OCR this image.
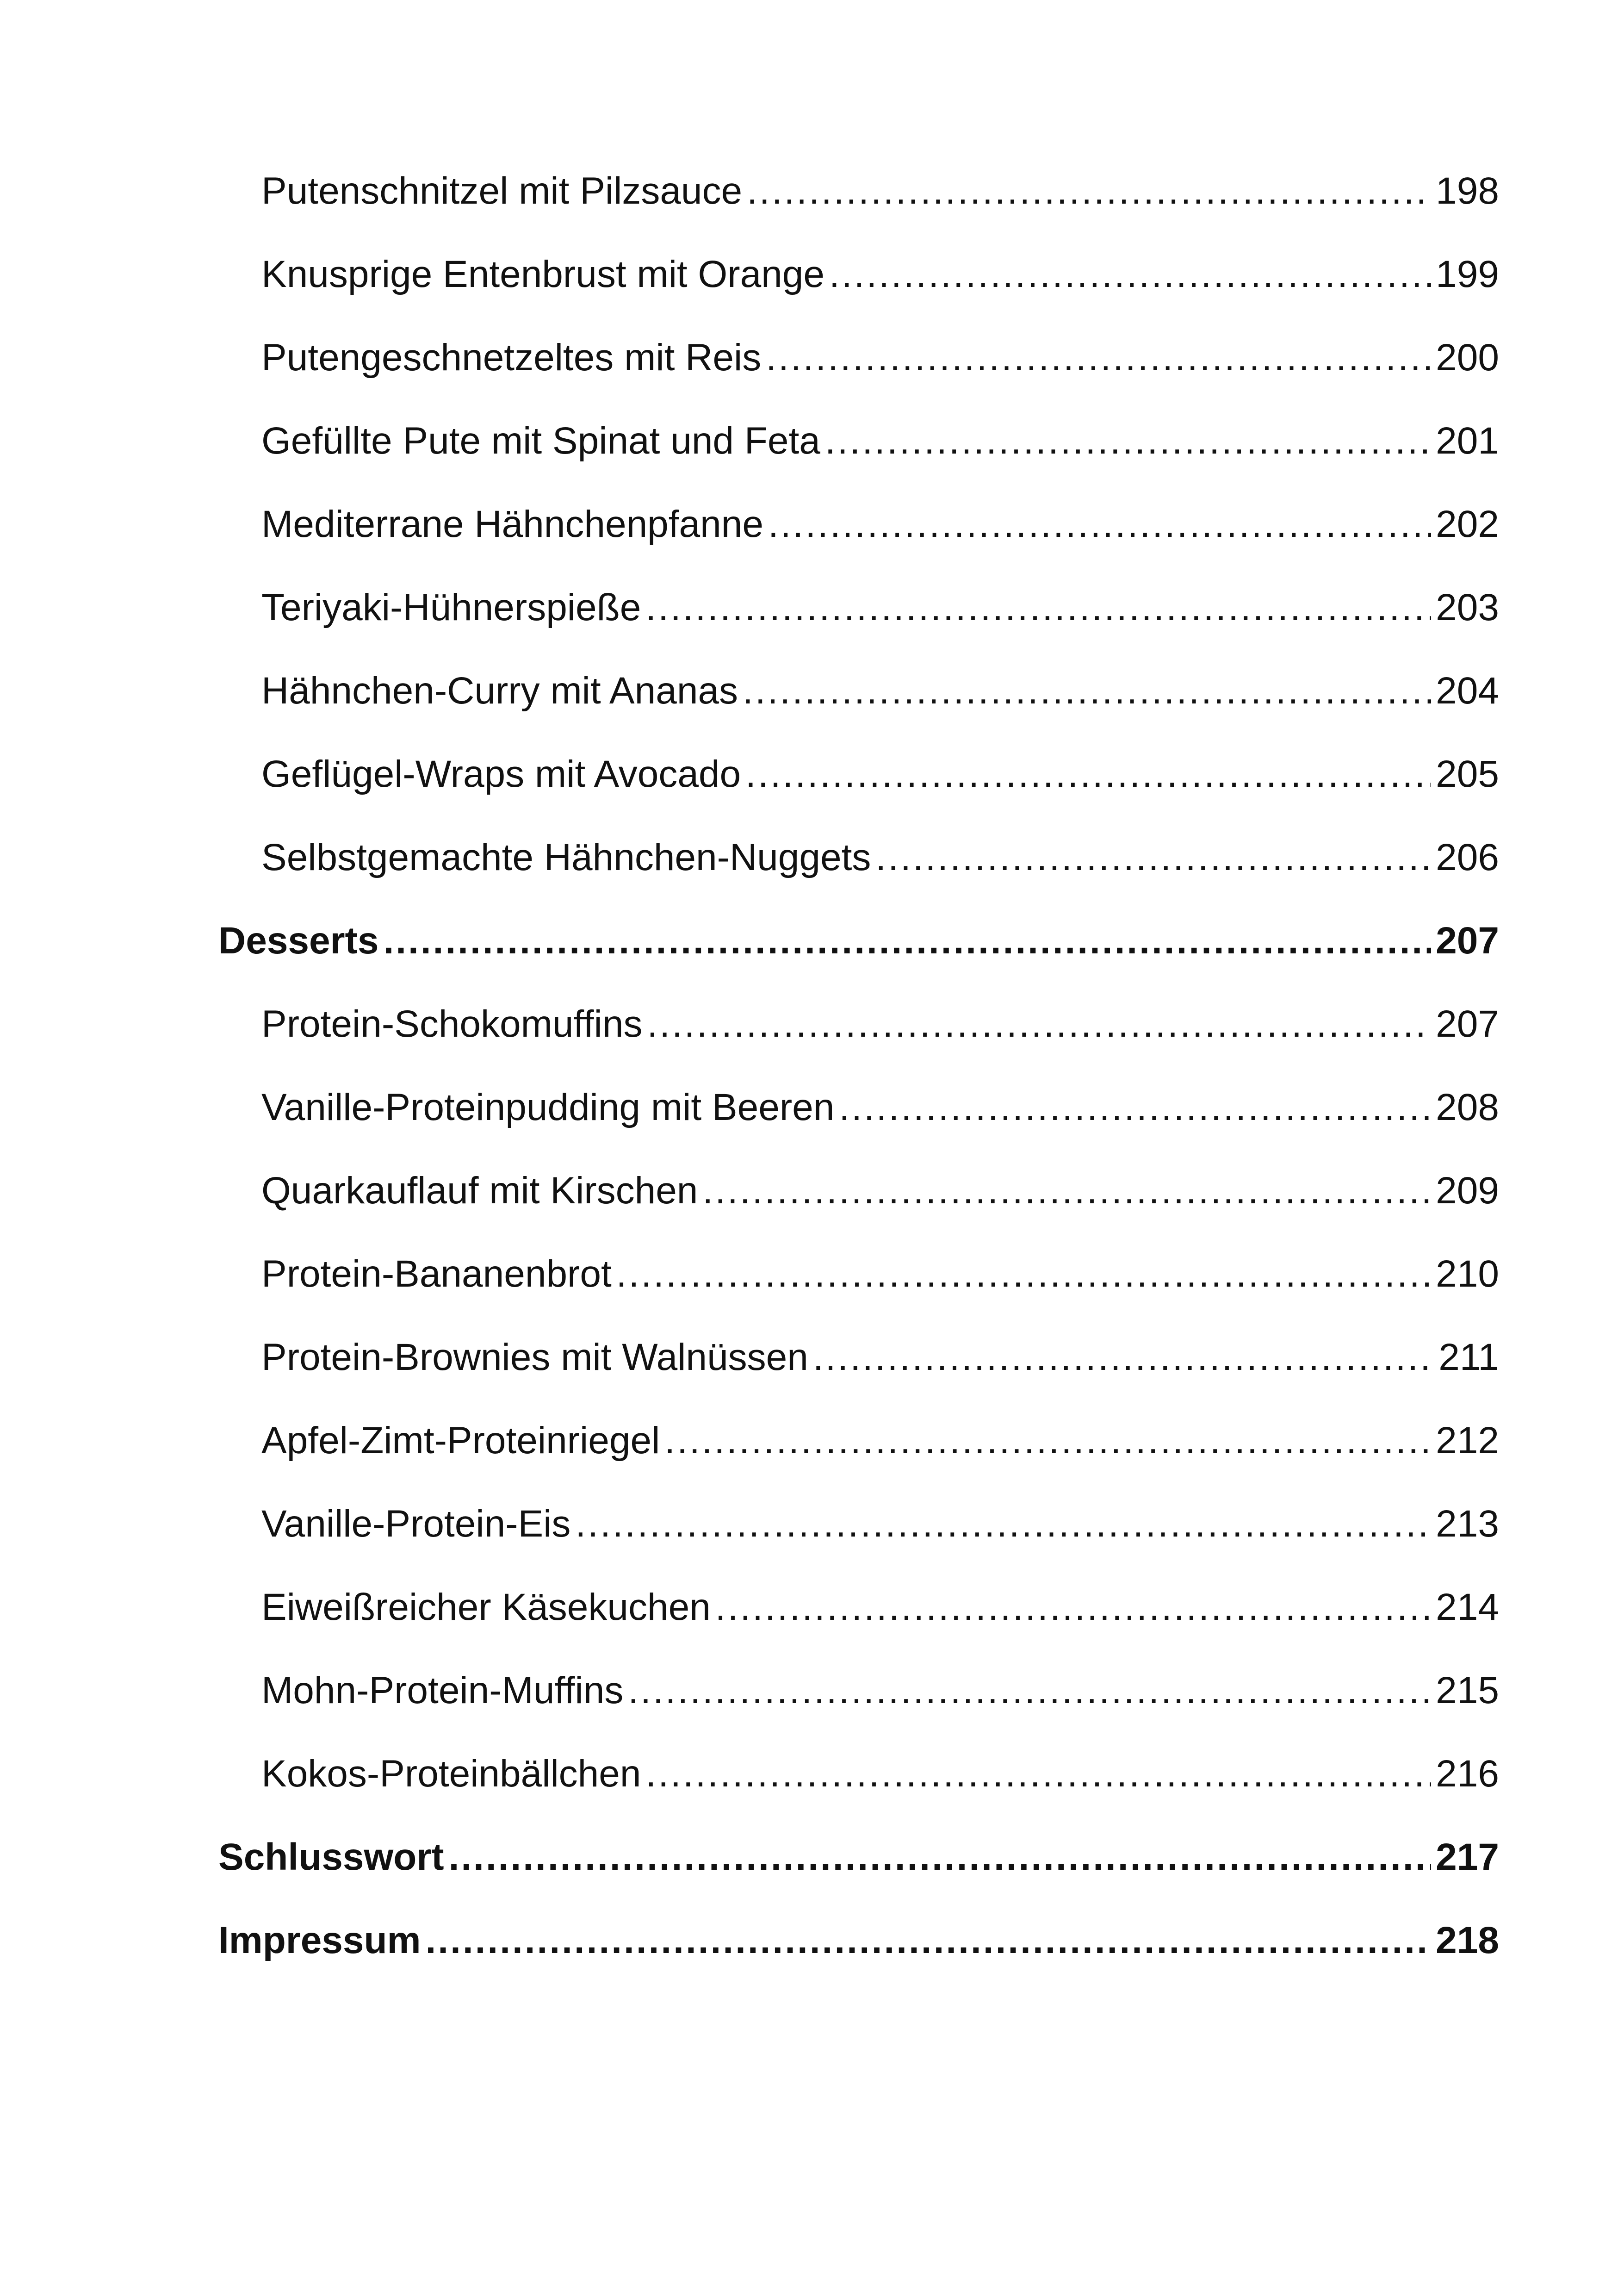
Putenschnitzel mit Pilzsauce .....	198
Knusprige Entenbrust mit Orange .....	199
Putengeschnetzeltes mit Reis .....	200
Gefüllte Pute mit Spinat und Feta .....	201
Mediterrane Hähnchenpfanne .....	202
Teriyaki-Hühnerspieße .....	203
Hähnchen-Curry mit Ananas .....	204
Geflügel-Wraps mit Avocado .....	205
Selbstgemachte Hähnchen-Nuggets .....	206
Desserts .....	207
Protein-Schokomuffins .....	207
Vanille-Proteinpudding mit Beeren .....	208
Quarkauflauf mit Kirschen .....	209
Protein-Bananenbrot .....	210
Protein-Brownies mit Walnüssen .....	211
Apfel-Zimt-Proteinriegel .....	212
Vanille-Protein-Eis .....	213
Eiweißreicher Käsekuchen .....	214
Mohn-Protein-Muffins .....	215
Kokos-Proteinbällchen .....	216
Schlusswort .....	217
Impressum .....	218
